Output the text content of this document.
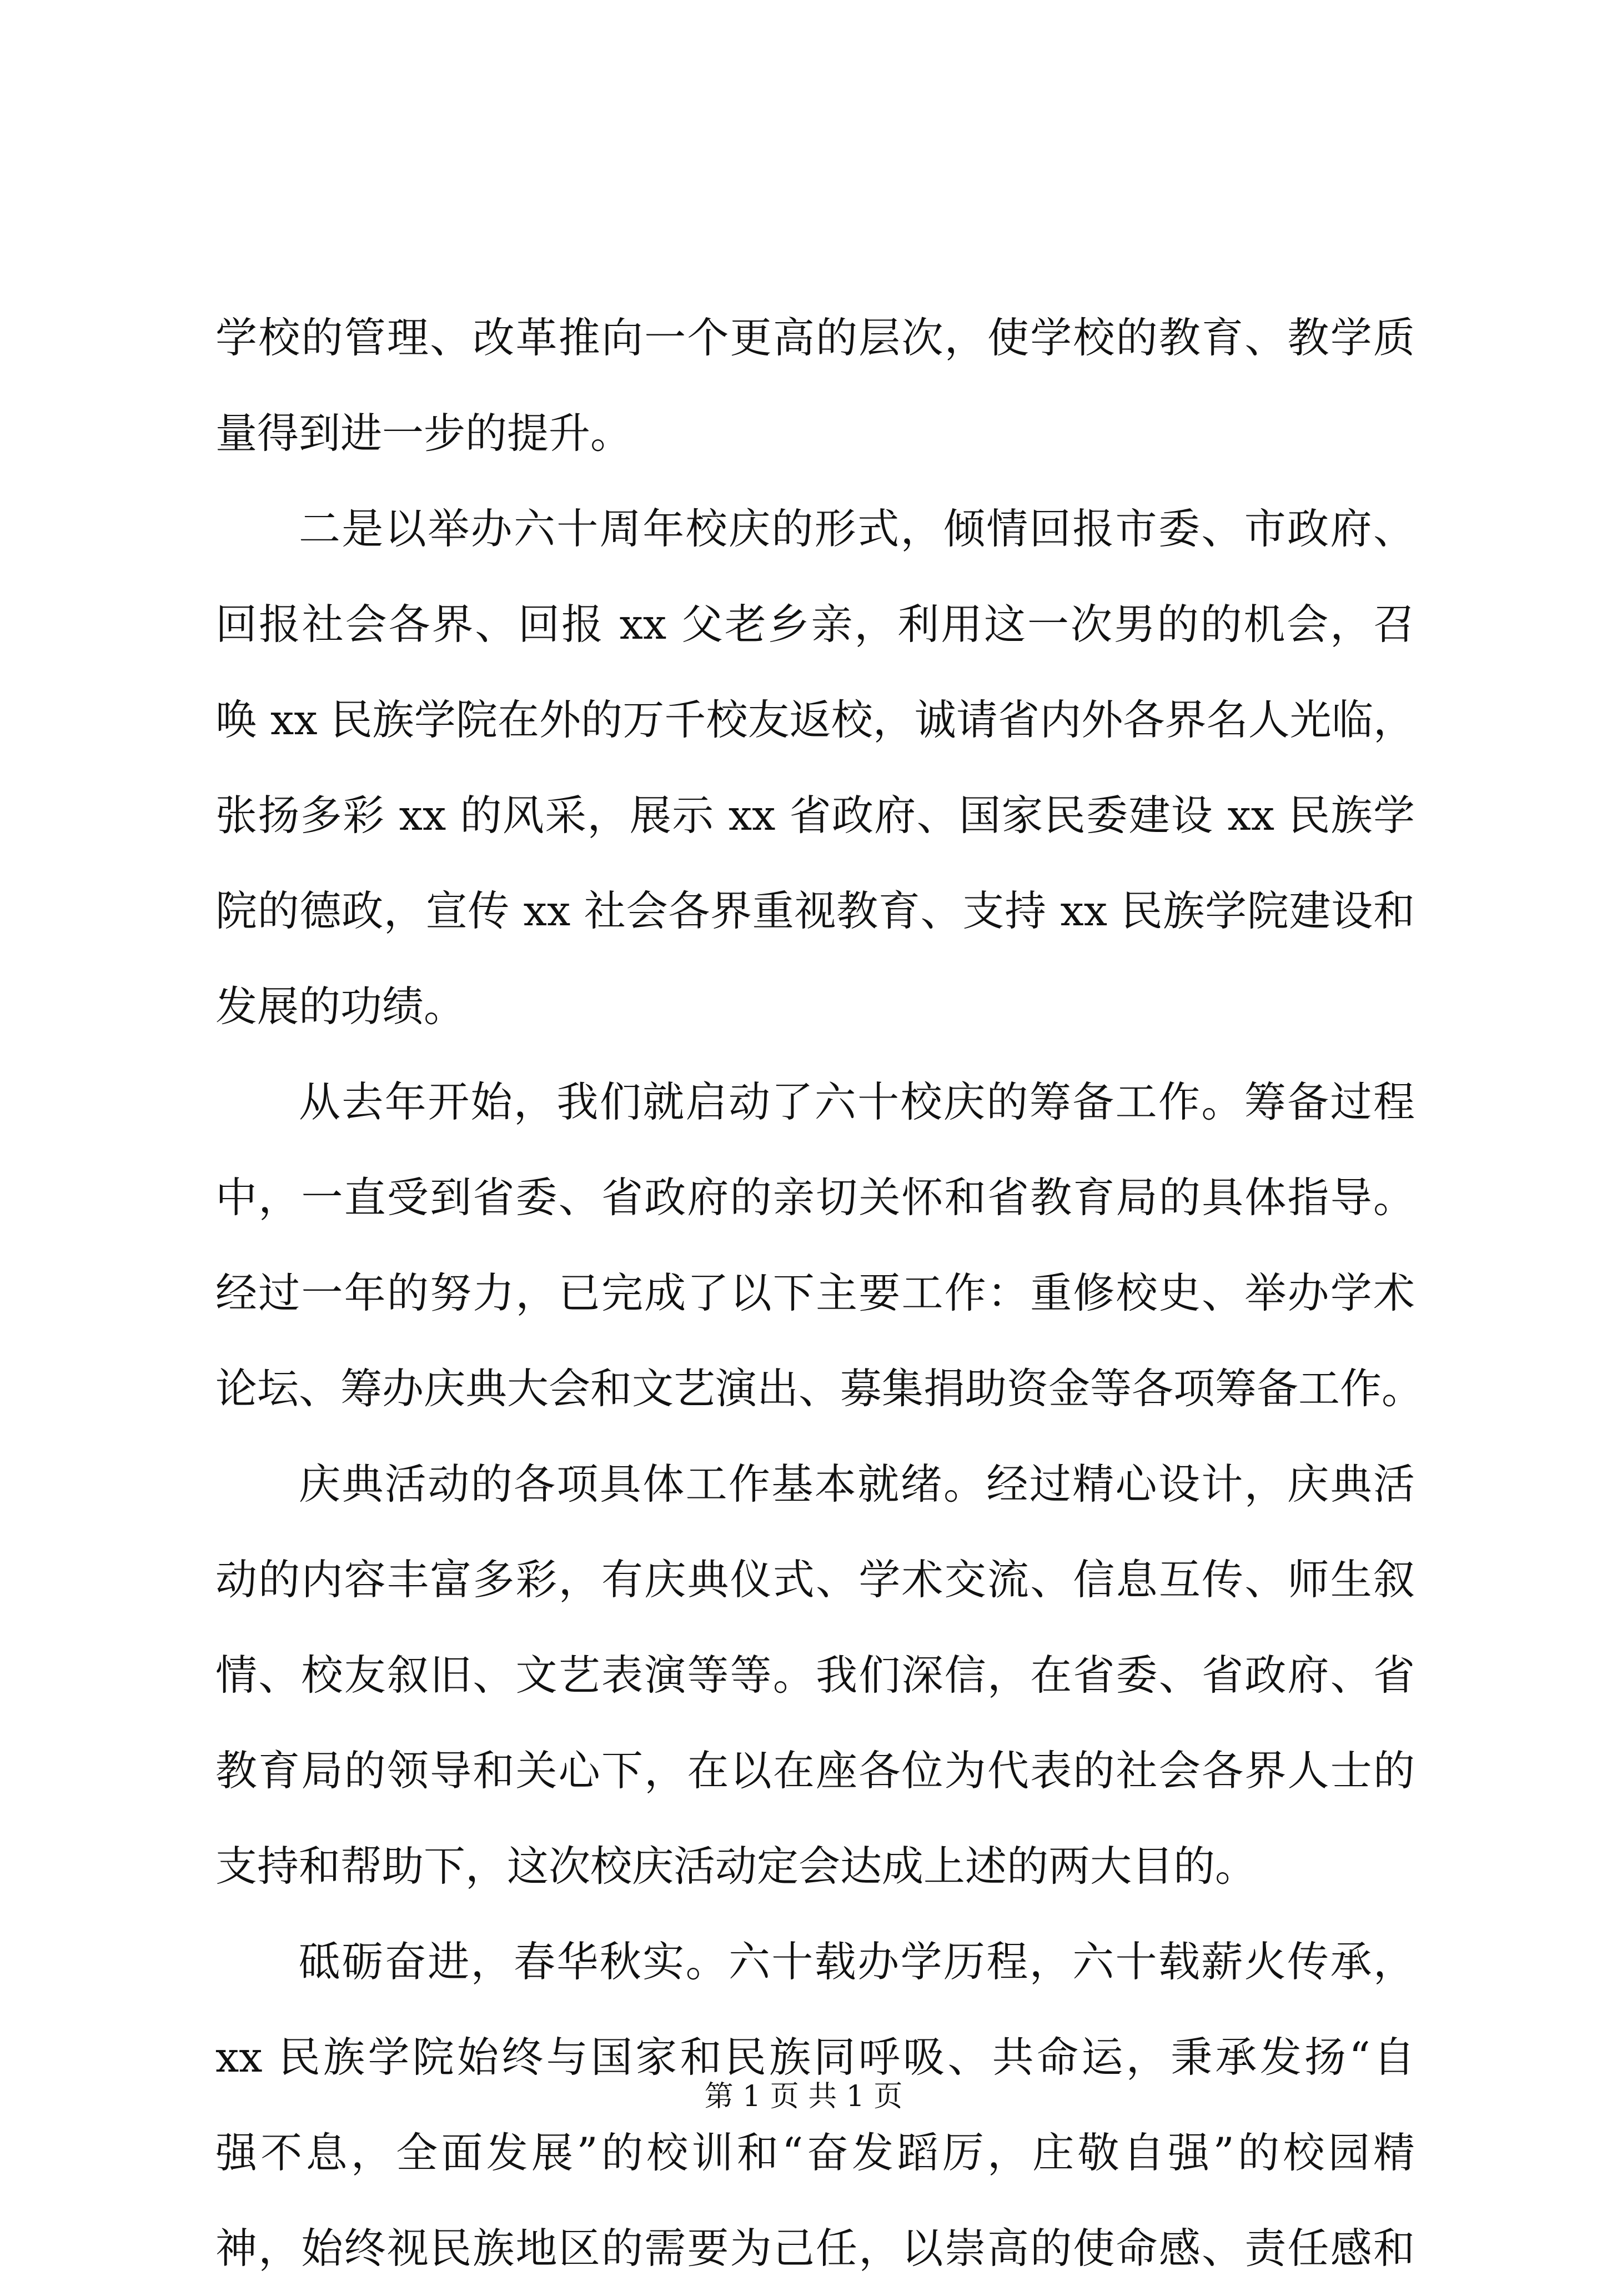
学校的管理、改革推向一个更高的层次，使学校的教育、教学质
量得到进一步的提升。
二是以举办六十周年校庆的形式，倾情回报市委、市政府、
回报社会各界、回报 xx 父老乡亲，利用这一次男的的机会，召
唤 xx 民族学院在外的万千校友返校，诚请省内外各界名人光临，
张扬多彩 xx 的风采，展示 xx 省政府、国家民委建设 xx 民族学
院的德政，宣传 xx 社会各界重视教育、支持 xx 民族学院建设和
发展的功绩。
从去年开始，我们就启动了六十校庆的筹备工作。筹备过程
中，一直受到省委、省政府的亲切关怀和省教育局的具体指导。
经过一年的努力，已完成了以下主要工作：重修校史、举办学术
论坛、筹办庆典大会和文艺演出、募集捐助资金等各项筹备工作。
庆典活动的各项具体工作基本就绪。经过精心设计，庆典活
动的内容丰富多彩，有庆典仪式、学术交流、信息互传、师生叙
情、校友叙旧、文艺表演等等。我们深信，在省委、省政府、省
教育局的领导和关心下，在以在座各位为代表的社会各界人士的
支持和帮助下，这次校庆活动定会达成上述的两大目的。
砥砺奋进，春华秋实。六十载办学历程，六十载薪火传承，
xx 民族学院始终与国家和民族同呼吸、共命运，秉承发扬“自
强不息，全面发展”的校训和“奋发蹈厉，庄敬自强”的校园精
神，始终视民族地区的需要为己任，以崇高的使命感、责任感和
第 1 页 共 1 页
